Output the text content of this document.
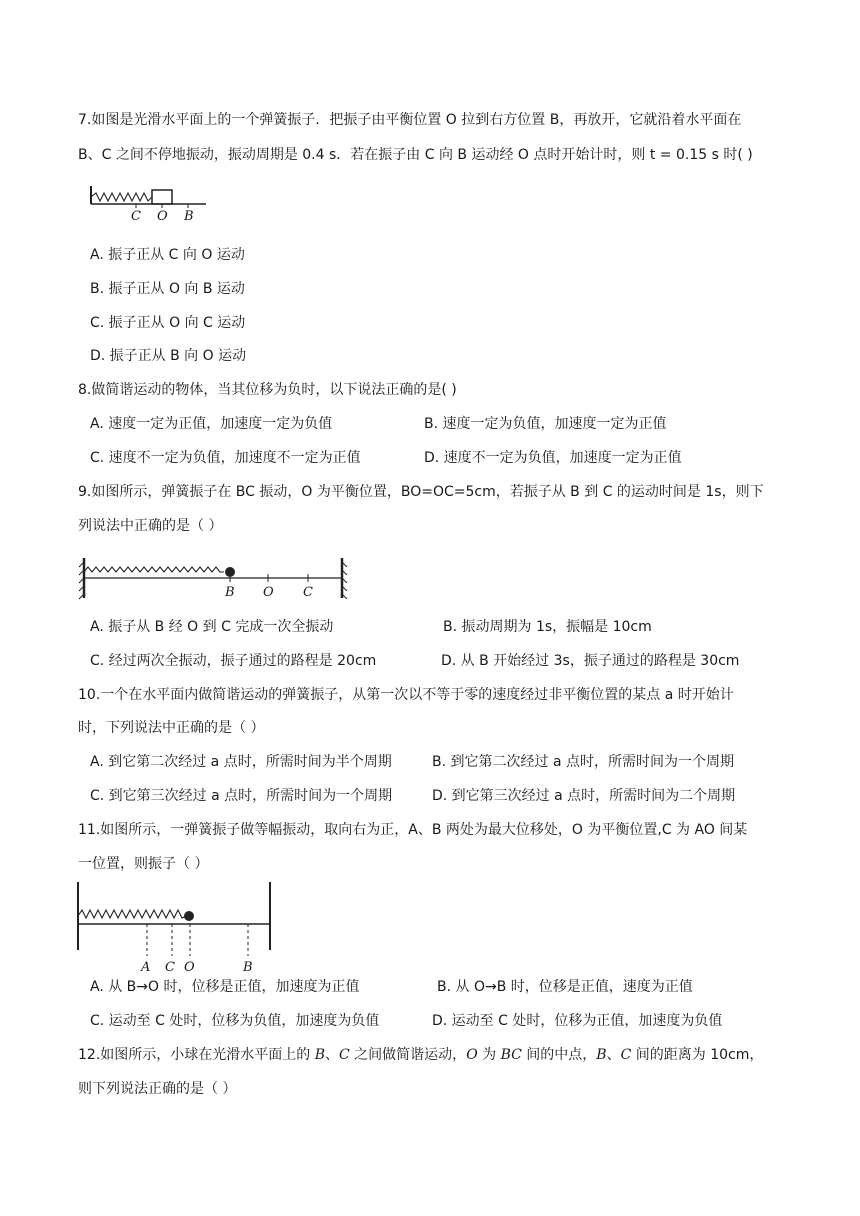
7.如图是光滑水平面上的一个弹簧振子．把振子由平衡位置 O 拉到右方位置 B，再放开，它就沿着水平面在
B、C 之间不停地振动，振动周期是 0.4 s．若在振子由 C 向 B 运动经 O 点时开始计时，则 t = 0.15 s 时( )
C O B
A. 振子正从 C 向 O 运动
B. 振子正从 O 向 B 运动
C. 振子正从 O 向 C 运动
D. 振子正从 B 向 O 运动
8.做简谐运动的物体，当其位移为负时，以下说法正确的是( )
A. 速度一定为正值，加速度一定为负值	B. 速度一定为负值，加速度一定为正值
C. 速度不一定为负值，加速度不一定为正值	D. 速度不一定为负值，加速度一定为正值
9.如图所示，弹簧振子在 BC 振动，O 为平衡位置，BO=OC=5cm，若振子从 B 到 C 的运动时间是 1s，则下
列说法中正确的是（ ）
B O C
A. 振子从 B 经 O 到 C 完成一次全振动	B. 振动周期为 1s，振幅是 10cm
C. 经过两次全振动，振子通过的路程是 20cm	D. 从 B 开始经过 3s，振子通过的路程是 30cm
10.一个在水平面内做简谐运动的弹簧振子，从第一次以不等于零的速度经过非平衡位置的某点 a 时开始计
时，下列说法中正确的是（ ）
A. 到它第二次经过 a 点时，所需时间为半个周期	B. 到它第二次经过 a 点时，所需时间为一个周期
C. 到它第三次经过 a 点时，所需时间为一个周期	D. 到它第三次经过 a 点时，所需时间为二个周期
11.如图所示，一弹簧振子做等幅振动，取向右为正，A、B 两处为最大位移处，O 为平衡位置,C 为 AO 间某
一位置，则振子（ ）
A C O	B
A. 从 B→O 时，位移是正值，加速度为正值	B. 从 O→B 时，位移是正值，速度为正值
C. 运动至 C 处时，位移为负值，加速度为负值	D. 运动至 C 处时，位移为正值，加速度为负值
12.如图所示，小球在光滑水平面上的 B、C 之间做简谐运动，O 为 BC 间的中点，B、C 间的距离为 10cm，
则下列说法正确的是（ ）
